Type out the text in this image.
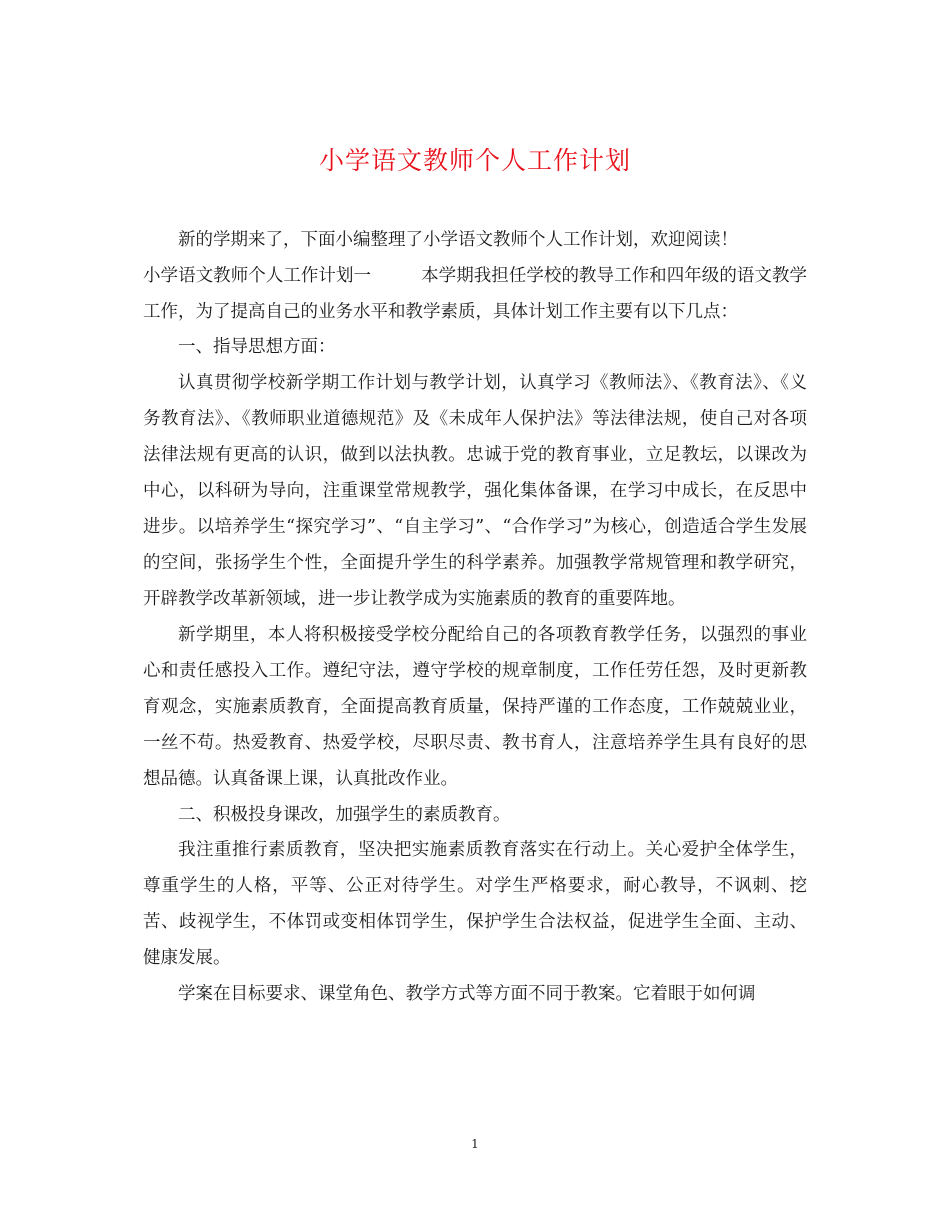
小学语文教师个人工作计划

新的学期来了，下面小编整理了小学语文教师个人工作计划，欢迎阅读！

小学语文教师个人工作计划一	本学期我担任学校的教导工作和四年级的语文教学工作，为了提高自己的业务水平和教学素质，具体计划工作主要有以下几点：

一、指导思想方面：

认真贯彻学校新学期工作计划与教学计划，认真学习《教师法》、《教育法》、《义务教育法》、《教师职业道德规范》及《未成年人保护法》等法律法规，使自己对各项法律法规有更高的认识，做到以法执教。忠诚于党的教育事业，立足教坛，以课改为中心，以科研为导向，注重课堂常规教学，强化集体备课，在学习中成长，在反思中进步。以培养学生“探究学习”、“自主学习”、“合作学习”为核心，创造适合学生发展的空间，张扬学生个性，全面提升学生的科学素养。加强教学常规管理和教学研究，开辟教学改革新领域，进一步让教学成为实施素质的教育的重要阵地。

新学期里，本人将积极接受学校分配给自己的各项教育教学任务，以强烈的事业心和责任感投入工作。遵纪守法，遵守学校的规章制度，工作任劳任怨，及时更新教育观念，实施素质教育，全面提高教育质量，保持严谨的工作态度，工作兢兢业业，一丝不苟。热爱教育、热爱学校，尽职尽责、教书育人，注意培养学生具有良好的思想品德。认真备课上课，认真批改作业。

二、积极投身课改，加强学生的素质教育。

我注重推行素质教育，坚决把实施素质教育落实在行动上。关心爱护全体学生，尊重学生的人格，平等、公正对待学生。对学生严格要求，耐心教导，不讽刺、挖苦、歧视学生，不体罚或变相体罚学生，保护学生合法权益，促进学生全面、主动、健康发展。

学案在目标要求、课堂角色、教学方式等方面不同于教案。它着眼于如何调

1
